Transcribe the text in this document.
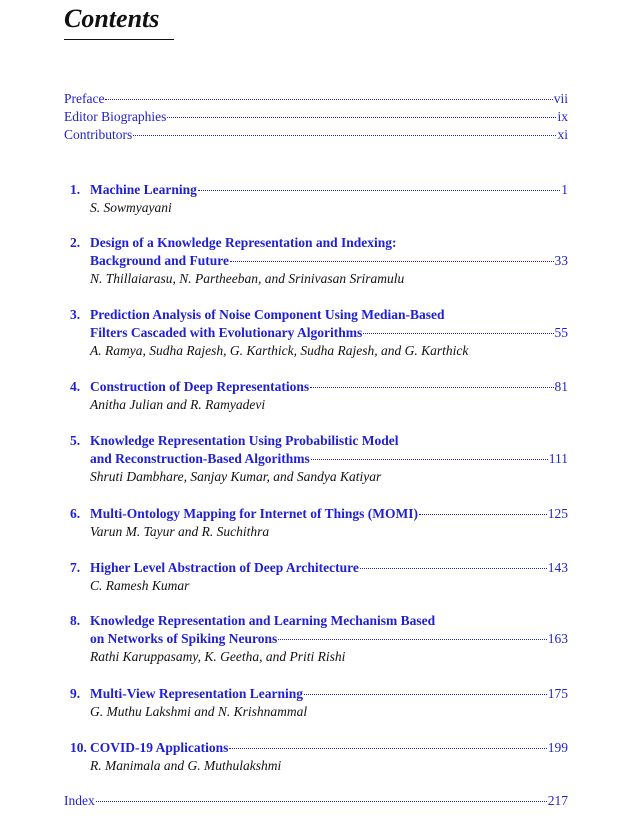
Contents
Preface	vii
Editor Biographies	ix
Contributors	xi
1. Machine Learning	1
S. Sowmyayani
2. Design of a Knowledge Representation and Indexing:
Background and Future	33
N. Thillaiarasu, N. Partheeban, and Srinivasan Sriramulu
3. Prediction Analysis of Noise Component Using Median-Based
Filters Cascaded with Evolutionary Algorithms	55
A. Ramya, Sudha Rajesh, G. Karthick, Sudha Rajesh, and G. Karthick
4. Construction of Deep Representations	81
Anitha Julian and R. Ramyadevi
5. Knowledge Representation Using Probabilistic Model
and Reconstruction-Based Algorithms	111
Shruti Dambhare, Sanjay Kumar, and Sandya Katiyar
6. Multi-Ontology Mapping for Internet of Things (MOMI)	125
Varun M. Tayur and R. Suchithra
7. Higher Level Abstraction of Deep Architecture	143
C. Ramesh Kumar
8. Knowledge Representation and Learning Mechanism Based
on Networks of Spiking Neurons	163
Rathi Karuppasamy, K. Geetha, and Priti Rishi
9. Multi-View Representation Learning	175
G. Muthu Lakshmi and N. Krishnammal
10. COVID-19 Applications	199
R. Manimala and G. Muthulakshmi
Index	217
